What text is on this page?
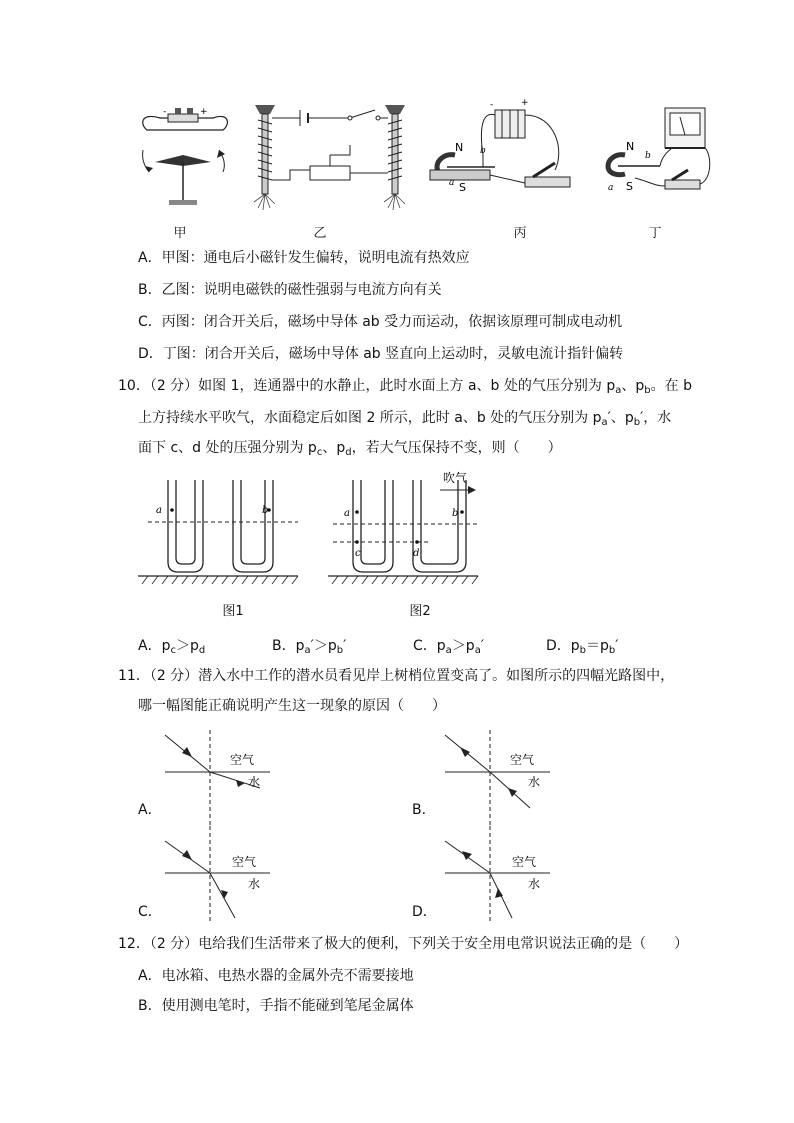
-	+
甲	乙
-	+
N
S
a
b
丙
N
S
a
b
丁
A．甲图：通电后小磁针发生偏转，说明电流有热效应
B．乙图：说明电磁铁的磁性强弱与电流方向有关
C．丙图：闭合开关后，磁场中导体 ab 受力而运动，依据该原理可制成电动机
D．丁图：闭合开关后，磁场中导体 ab 竖直向上运动时，灵敏电流计指针偏转
10．（2 分）如图 1，连通器中的水静止，此时水面上方 a、b 处的气压分别为 $p_a$、$p_b$。在 b
上方持续水平吹气，水面稳定后如图 2 所示，此时 a、b 处的气压分别为 $p_a'$、$p_b'$，水
面下 c、d 处的压强分别为 $p_c$、$p_d$，若大气压保持不变，则（　　）
a	b
图1
吹气
a	b
c	d
图2
A．$p_c>p_d$	B．$p_a'>p_b'$	C．$p_a>p_a'$	D．$p_b=p_b'$
11．（2 分）潜入水中工作的潜水员看见岸上树梢位置变高了。如图所示的四幅光路图中，
哪一幅图能正确说明产生这一现象的原因（　　）
空气
水
A．
空气
水
B．
空气
水
C．
空气
水
D．
12．（2 分）电给我们生活带来了极大的便利，下列关于安全用电常识说法正确的是（　　）
A．电冰箱、电热水器的金属外壳不需要接地
B．使用测电笔时，手指不能碰到笔尾金属体
